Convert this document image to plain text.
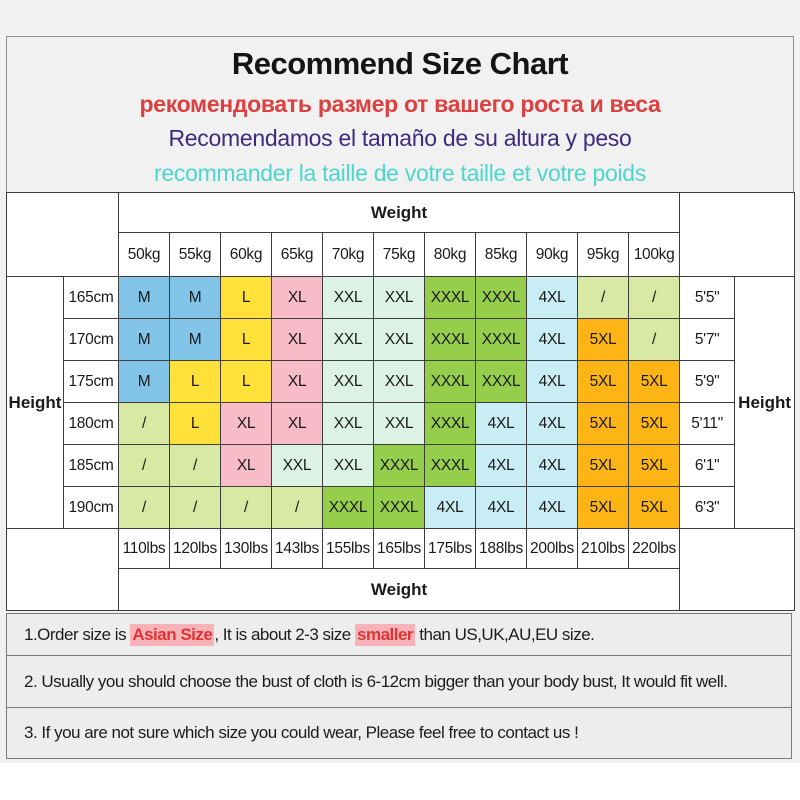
Recommend Size Chart
рекомендовать размер от вашего роста и веса
Recomendamos el tamaño de su altura y peso
recommander la taille de votre taille et votre poids
		Weight												
		50kg	55kg	60kg	65kg	70kg	75kg	80kg	85kg	90kg	95kg	100kg		
Height	165cm	M	M	L	XL	XXL	XXL	XXXL	XXXL	4XL	/	/	5'5"	Height
	170cm	M	M	L	XL	XXL	XXL	XXXL	XXXL	4XL	5XL	/	5'7"	
	175cm	M	L	L	XL	XXL	XXL	XXXL	XXXL	4XL	5XL	5XL	5'9"	
	180cm	/	L	XL	XL	XXL	XXL	XXXL	4XL	4XL	5XL	5XL	5'11"	
	185cm	/	/	XL	XXL	XXL	XXXL	XXXL	4XL	4XL	5XL	5XL	6'1"	
	190cm	/	/	/	/	XXXL	XXXL	4XL	4XL	4XL	5XL	5XL	6'3"	
		110lbs	120lbs	130lbs	143lbs	155lbs	165lbs	175lbs	188lbs	200lbs	210lbs	220lbs		
		Weight												
1.Order size is Asian Size , It is about 2-3 size smaller than US,UK,AU,EU size.
2. Usually you should choose the bust of cloth is 6-12cm bigger than your body bust, It would fit well.
3. If you are not sure which size you could wear, Please feel free to contact us !
